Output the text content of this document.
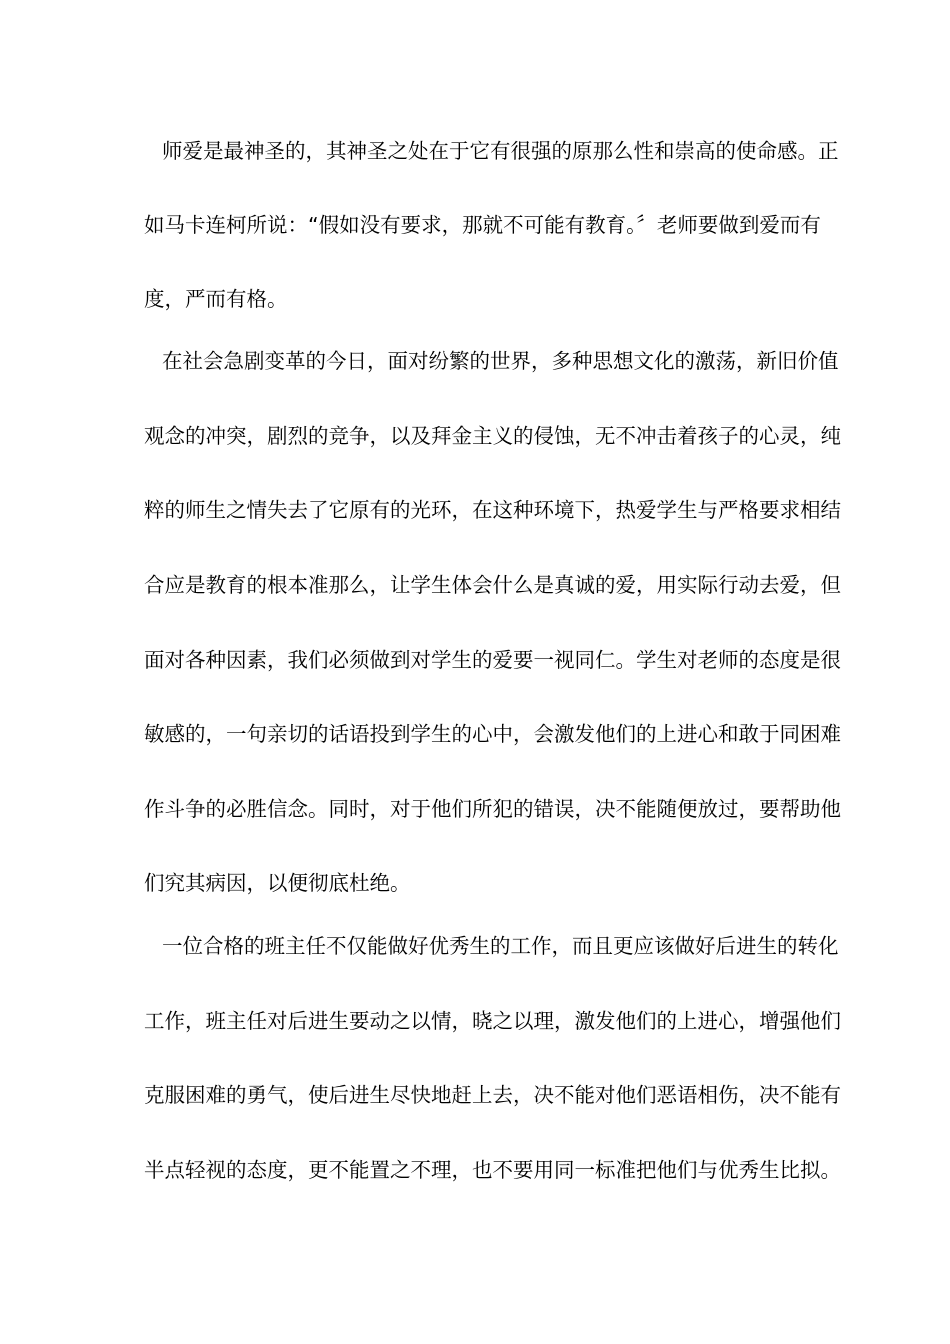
师爱是最神圣的，其神圣之处在于它有很强的原那么性和崇高的使命感。正
如马卡连柯所说：“假如没有要求，那就不可能有教育。〞老师要做到爱而有
度，严而有格。
在社会急剧变革的今日，面对纷繁的世界，多种思想文化的激荡，新旧价值
观念的冲突，剧烈的竞争，以及拜金主义的侵蚀，无不冲击着孩子的心灵，纯
粹的师生之情失去了它原有的光环，在这种环境下，热爱学生与严格要求相结
合应是教育的根本准那么，让学生体会什么是真诚的爱，用实际行动去爱，但
面对各种因素，我们必须做到对学生的爱要一视同仁。学生对老师的态度是很
敏感的，一句亲切的话语投到学生的心中，会激发他们的上进心和敢于同困难
作斗争的必胜信念。同时，对于他们所犯的错误，决不能随便放过，要帮助他
们究其病因，以便彻底杜绝。
一位合格的班主任不仅能做好优秀生的工作，而且更应该做好后进生的转化
工作，班主任对后进生要动之以情，晓之以理，激发他们的上进心，增强他们
克服困难的勇气，使后进生尽快地赶上去，决不能对他们恶语相伤，决不能有
半点轻视的态度，更不能置之不理，也不要用同一标准把他们与优秀生比拟。
